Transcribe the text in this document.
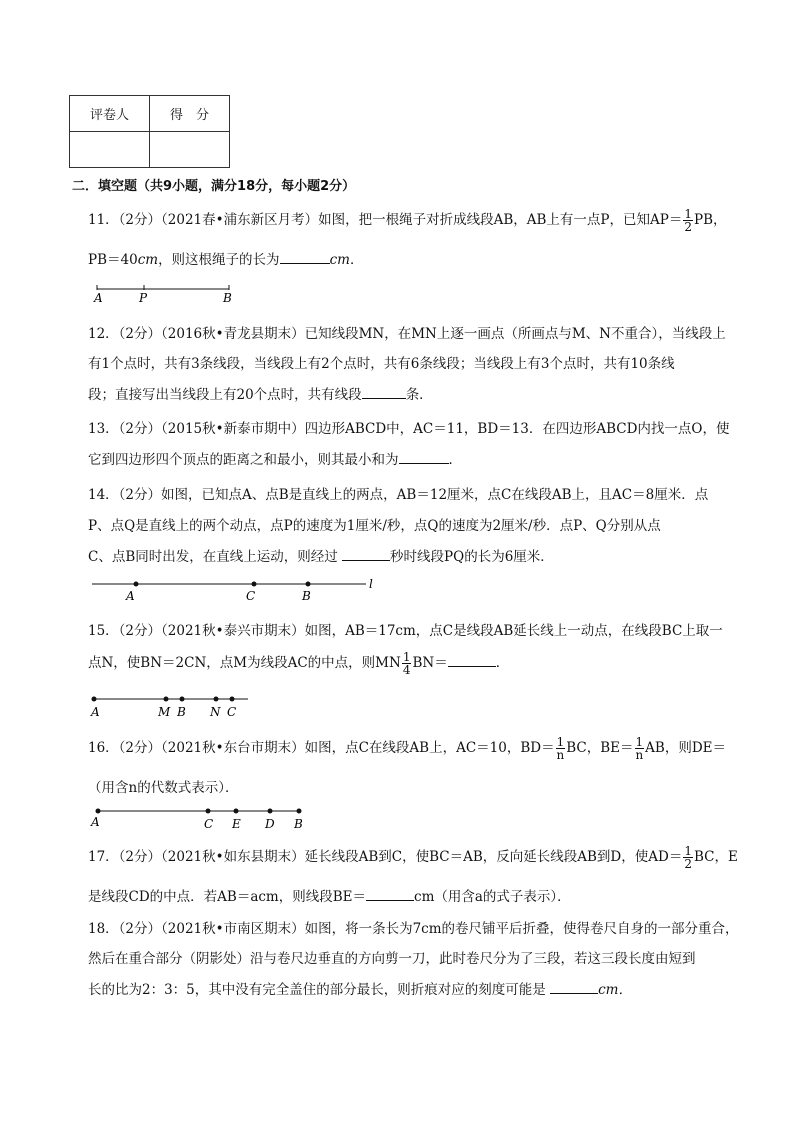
评卷人	得　分

二．填空题（共9小题，满分18分，每小题2分）
11．（2分）（2021春•浦东新区月考）如图，把一根绳子对折成线段AB，AB上有一点P，已知$AP= \frac{1}{2}$ PB，
PB＝40cm，则这根绳子的长为	cm．
A	P	B
12．（2分）（2016秋•青龙县期末）已知线段MN，在MN上逐一画点（所画点与M、N不重合），当线段上
有1个点时，共有3条线段，当线段上有2个点时，共有6条线段；当线段上有3个点时，共有10条线
段；直接写出当线段上有20个点时，共有线段	条．
13．（2分）（2015秋•新泰市期中）四边形ABCD中，AC＝11，BD＝13．在四边形ABCD内找一点O，使
它到四边形四个顶点的距离之和最小，则其最小和为	．
14．（2分）如图，已知点A、点B是直线上的两点，AB＝12厘米，点C在线段AB上，且AC＝8厘米．点
P、点Q是直线上的两个动点，点P的速度为1厘米/秒，点Q的速度为2厘米/秒．点P、Q分别从点
C、点B同时出发，在直线上运动，则经过	秒时线段PQ的长为6厘米．
A	C	B
l
15．（2分）（2021秋•泰兴市期末）如图，AB＝17cm，点C是线段AB延长线上一动点，在线段BC上取一
点N，使BN＝2CN，点M为线段AC的中点，则MN $\frac{1}{4} BN=$	．
A	M B N C
16．（2分）（2021秋•东台市期末）如图，点C在线段AB上，AC＝10，$BD= \frac{1}{n}$ BC，$BE= \frac{1}{n}$ AB，则DE＝
（用含n的代数式表示）．
A	C E D B
17．（2分）（2021秋•如东县期末）延长线段AB到C，使BC＝AB，反向延长线段AB到D，使$AD= \frac{1}{2}$ BC，E
是线段CD的中点．若AB＝acm，则线段BE＝	cm（用含a的式子表示）．
18．（2分）（2021秋•市南区期末）如图，将一条长为7cm的卷尺铺平后折叠，使得卷尺自身的一部分重合，
然后在重合部分（阴影处）沿与卷尺边垂直的方向剪一刀，此时卷尺分为了三段，若这三段长度由短到
长的比为2：3：5，其中没有完全盖住的部分最长，则折痕对应的刻度可能是	cm．
